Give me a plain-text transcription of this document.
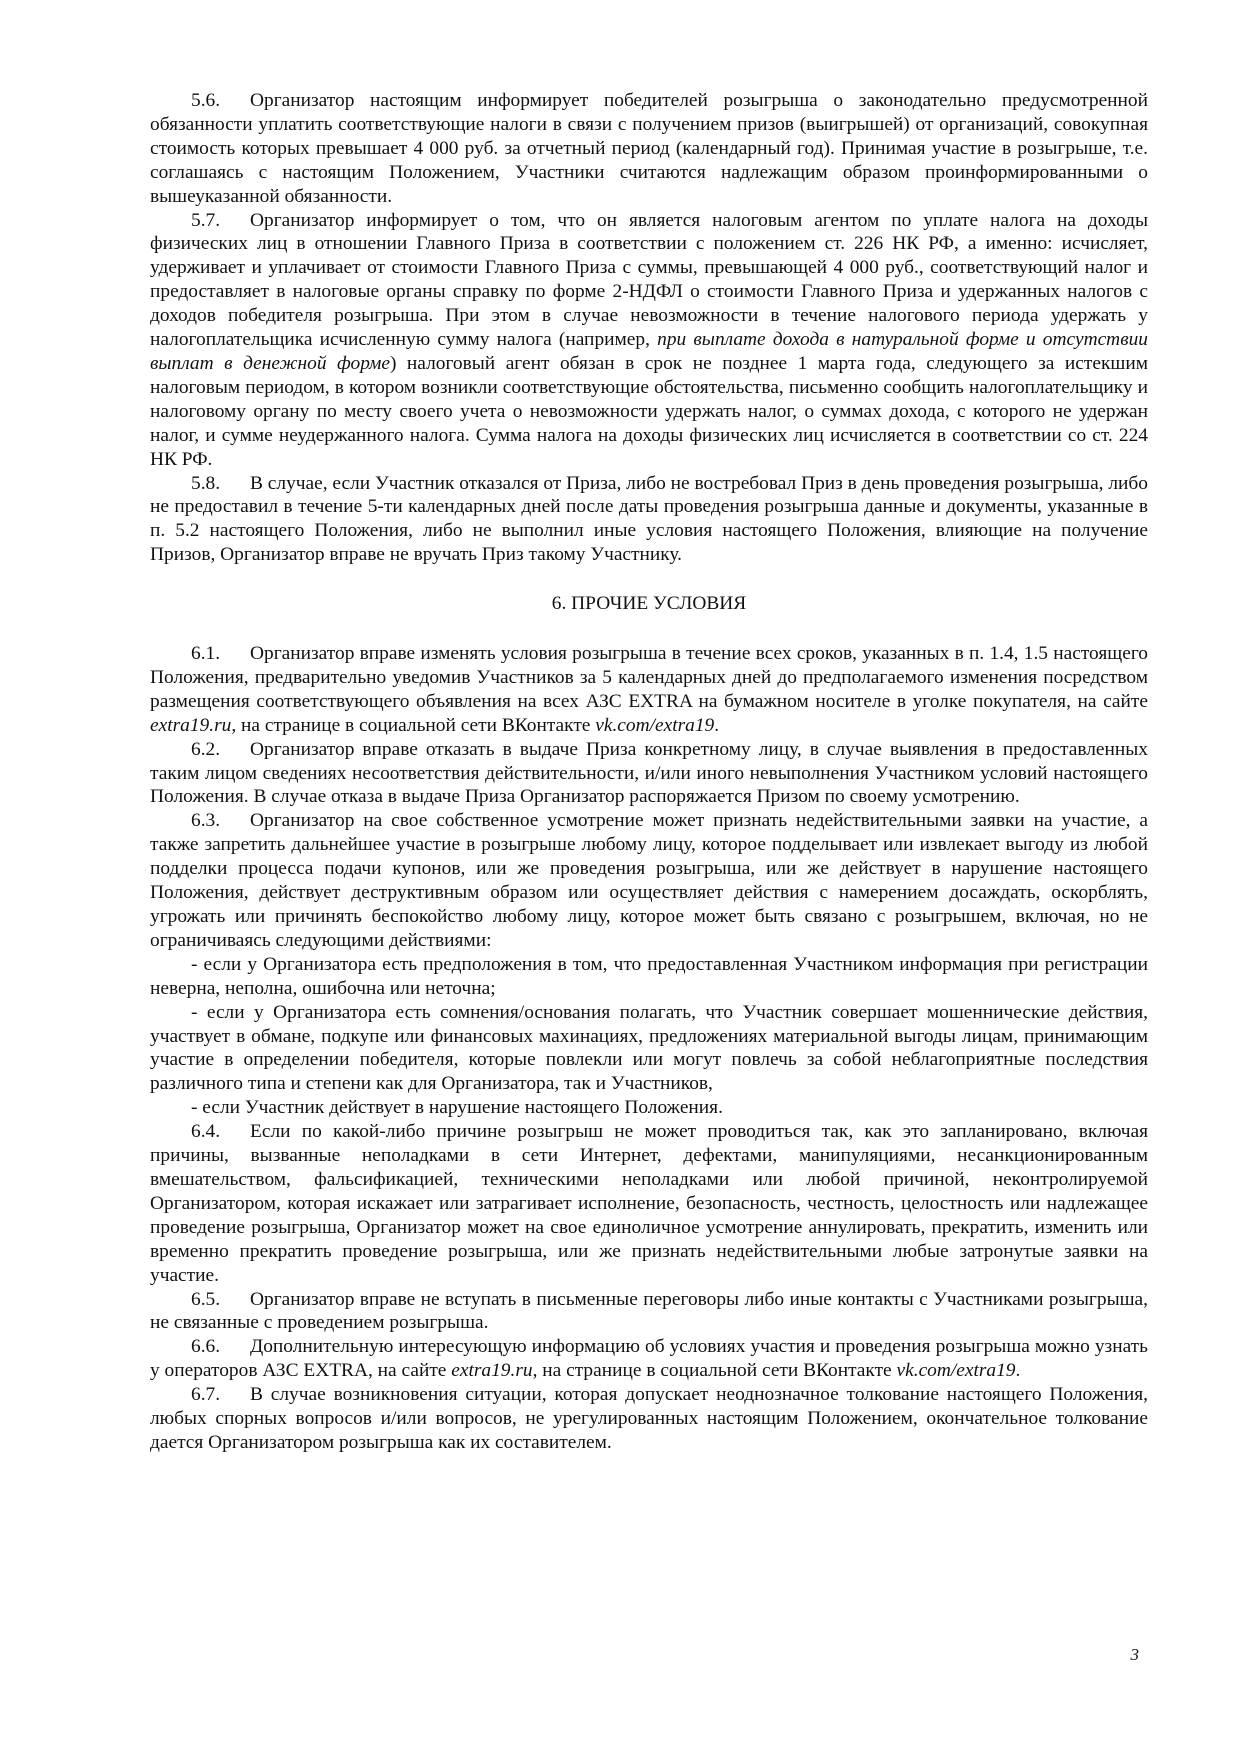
5.6. Организатор настоящим информирует победителей розыгрыша о законодательно предусмотренной обязанности уплатить соответствующие налоги в связи с получением призов (выигрышей) от организаций, совокупная стоимость которых превышает 4 000 руб. за отчетный период (календарный год). Принимая участие в розыгрыше, т.е. соглашаясь с настоящим Положением, Участники считаются надлежащим образом проинформированными о вышеуказанной обязанности.

5.7. Организатор информирует о том, что он является налоговым агентом по уплате налога на доходы физических лиц в отношении Главного Приза в соответствии с положением ст. 226 НК РФ, а именно: исчисляет, удерживает и уплачивает от стоимости Главного Приза с суммы, превышающей 4 000 руб., соответствующий налог и предоставляет в налоговые органы справку по форме 2-НДФЛ о стоимости Главного Приза и удержанных налогов с доходов победителя розыгрыша. При этом в случае невозможности в течение налогового периода удержать у налогоплательщика исчисленную сумму налога (например, при выплате дохода в натуральной форме и отсутствии выплат в денежной форме) налоговый агент обязан в срок не позднее 1 марта года, следующего за истекшим налоговым периодом, в котором возникли соответствующие обстоятельства, письменно сообщить налогоплательщику и налоговому органу по месту своего учета о невозможности удержать налог, о суммах дохода, с которого не удержан налог, и сумме неудержанного налога. Сумма налога на доходы физических лиц исчисляется в соответствии со ст. 224 НК РФ.

5.8. В случае, если Участник отказался от Приза, либо не востребовал Приз в день проведения розыгрыша, либо не предоставил в течение 5-ти календарных дней после даты проведения розыгрыша данные и документы, указанные в п. 5.2 настоящего Положения, либо не выполнил иные условия настоящего Положения, влияющие на получение Призов, Организатор вправе не вручать Приз такому Участнику.

6. ПРОЧИЕ УСЛОВИЯ

6.1. Организатор вправе изменять условия розыгрыша в течение всех сроков, указанных в п. 1.4, 1.5 настоящего Положения, предварительно уведомив Участников за 5 календарных дней до предполагаемого изменения посредством размещения соответствующего объявления на всех АЗС EXTRA на бумажном носителе в уголке покупателя, на сайте extra19.ru, на странице в социальной сети ВКонтакте vk.com/extra19.

6.2. Организатор вправе отказать в выдаче Приза конкретному лицу, в случае выявления в предоставленных таким лицом сведениях несоответствия действительности, и/или иного невыполнения Участником условий настоящего Положения. В случае отказа в выдаче Приза Организатор распоряжается Призом по своему усмотрению.

6.3. Организатор на свое собственное усмотрение может признать недействительными заявки на участие, а также запретить дальнейшее участие в розыгрыше любому лицу, которое подделывает или извлекает выгоду из любой подделки процесса подачи купонов, или же проведения розыгрыша, или же действует в нарушение настоящего Положения, действует деструктивным образом или осуществляет действия с намерением досаждать, оскорблять, угрожать или причинять беспокойство любому лицу, которое может быть связано с розыгрышем, включая, но не ограничиваясь следующими действиями:

- если у Организатора есть предположения в том, что предоставленная Участником информация при регистрации неверна, неполна, ошибочна или неточна;

- если у Организатора есть сомнения/основания полагать, что Участник совершает мошеннические действия, участвует в обмане, подкупе или финансовых махинациях, предложениях материальной выгоды лицам, принимающим участие в определении победителя, которые повлекли или могут повлечь за собой неблагоприятные последствия различного типа и степени как для Организатора, так и Участников,

- если Участник действует в нарушение настоящего Положения.

6.4. Если по какой-либо причине розыгрыш не может проводиться так, как это запланировано, включая причины, вызванные неполадками в сети Интернет, дефектами, манипуляциями, несанкционированным вмешательством, фальсификацией, техническими неполадками или любой причиной, неконтролируемой Организатором, которая искажает или затрагивает исполнение, безопасность, честность, целостность или надлежащее проведение розыгрыша, Организатор может на свое единоличное усмотрение аннулировать, прекратить, изменить или временно прекратить проведение розыгрыша, или же признать недействительными любые затронутые заявки на участие.

6.5. Организатор вправе не вступать в письменные переговоры либо иные контакты с Участниками розыгрыша, не связанные с проведением розыгрыша.

6.6. Дополнительную интересующую информацию об условиях участия и проведения розыгрыша можно узнать у операторов АЗС EXTRA, на сайте extra19.ru, на странице в социальной сети ВКонтакте vk.com/extra19.

6.7. В случае возникновения ситуации, которая допускает неоднозначное толкование настоящего Положения, любых спорных вопросов и/или вопросов, не урегулированных настоящим Положением, окончательное толкование дается Организатором розыгрыша как их составителем.

3
